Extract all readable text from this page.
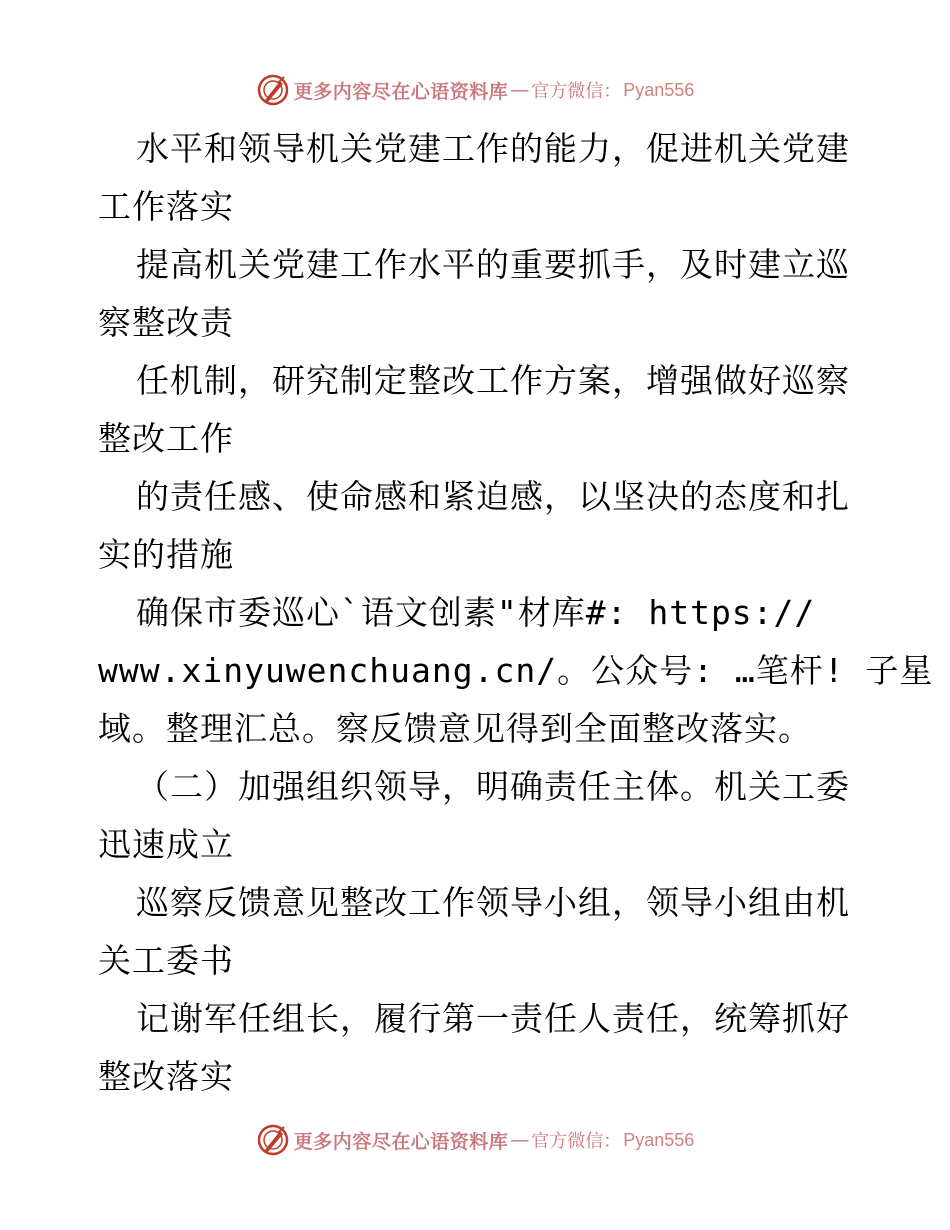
更多内容尽在心语资料库 — 官方微信： Pyan556
水平和领导机关党建工作的能力，促进机关党建
工作落实
提高机关党建工作水平的重要抓手，及时建立巡
察整改责
任机制，研究制定整改工作方案，增强做好巡察
整改工作
的责任感、使命感和紧迫感，以坚决的态度和扎
实的措施
确保市委巡心`语文创素"材库#: https://
www.xinyuwenchuang.cn/。公众号: …笔杆! 子星
域。整理汇总。察反馈意见得到全面整改落实。
（二）加强组织领导，明确责任主体。机关工委
迅速成立
巡察反馈意见整改工作领导小组，领导小组由机
关工委书
记谢军任组长，履行第一责任人责任，统筹抓好
整改落实
更多内容尽在心语资料库 — 官方微信： Pyan556
